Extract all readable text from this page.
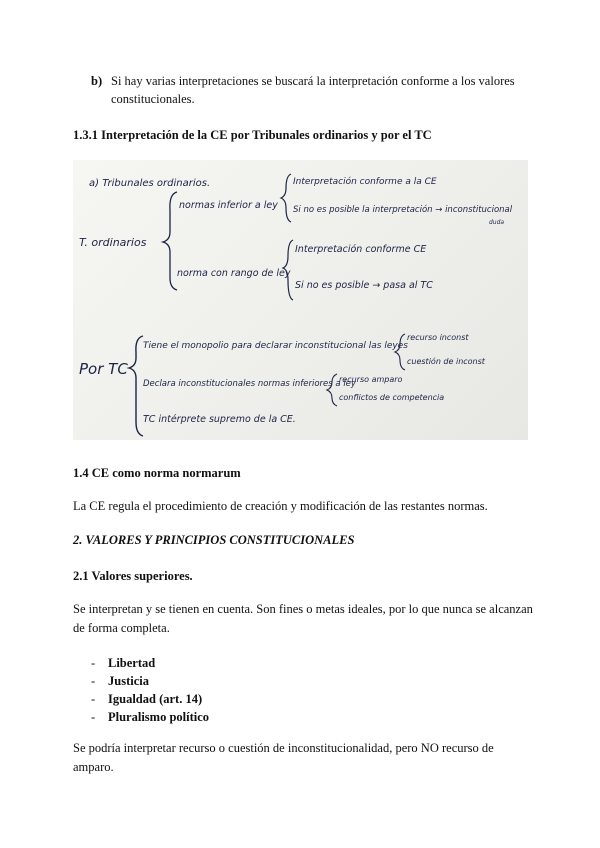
b) Si hay varias interpretaciones se buscará la interpretación conforme a los valores constitucionales.
1.3.1 Interpretación de la CE por Tribunales ordinarios y por el TC
a) Tribunales ordinarios.
T. ordinarios
normas inferior a ley
Interpretación conforme a la CE
Si no es posible la interpretación → inconstitucional
duda
norma con rango de ley
Interpretación conforme CE
Si no es posible → pasa al TC
Por TC
Tiene el monopolio para declarar inconstitucional las leyes
recurso inconst
cuestión de inconst
Declara inconstitucionales normas inferiores a ley
recurso amparo
conflictos de competencia
TC intérprete supremo de la CE.
1.4 CE como norma normarum

La CE regula el procedimiento de creación y modificación de las restantes normas.

2. VALORES Y PRINCIPIOS CONSTITUCIONALES
2.1 Valores superiores.

Se interpretan y se tienen en cuenta. Son fines o metas ideales, por lo que nunca se alcanzan de forma completa.

- Libertad
- Justicia
- Igualdad (art. 14)
- Pluralismo político

Se podría interpretar recurso o cuestión de inconstitucionalidad, pero NO recurso de amparo.
